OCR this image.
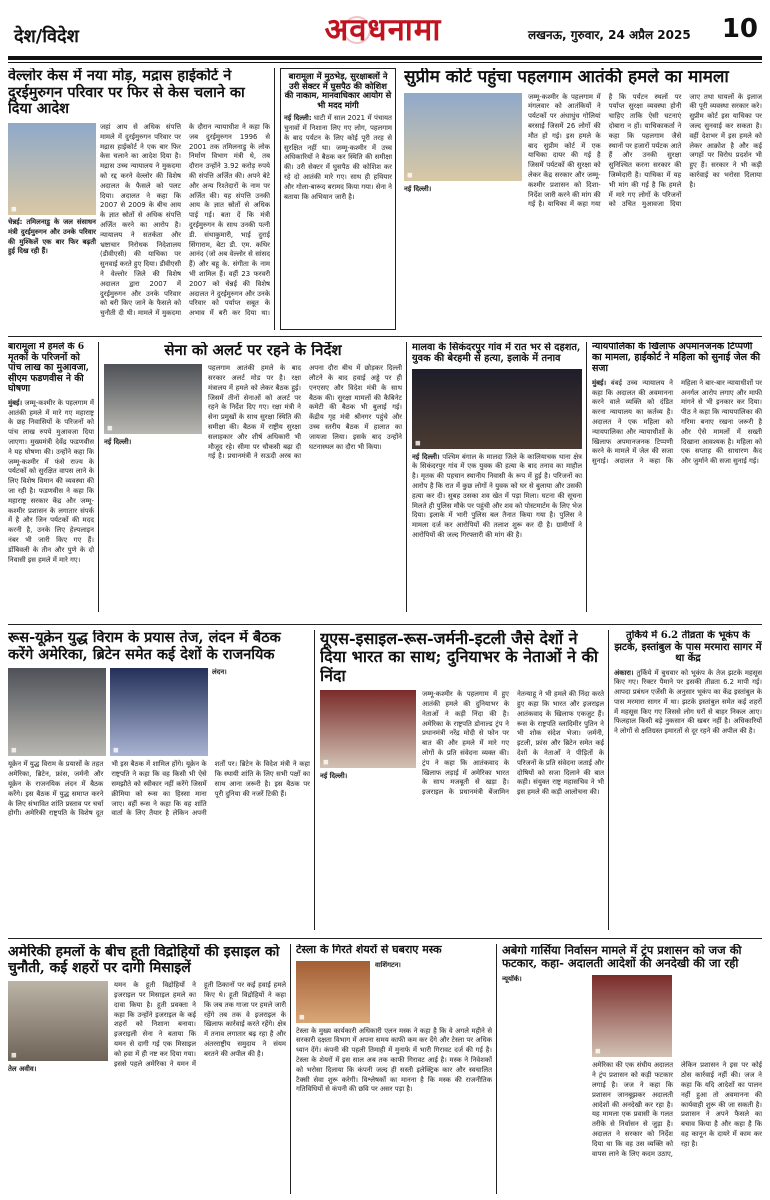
देश/विदेश	अवधनामा	लखनऊ, गुरुवार, 24 अप्रैल 2025 10
वेल्लोर केस में नया मोड़, मद्रास हाईकोर्ट ने दुरईमुरुगन परिवार पर फिर से केस चलाने का दिया आदेश
◼
चेन्नई: तमिलनाडु के जल संसाधन मंत्री दुरईमुरुगन और उनके परिवार की मुश्किलें एक बार फिर बढ़ती हुई दिख रही हैं।
जहां आय से अधिक संपत्ति मामले में दुरईमुरुगन परिवार पर मद्रास हाईकोर्ट ने एक बार फिर केस चलाने का आदेश दिया है। मद्रास उच्च न्यायालय ने मुकदमा को रद्द करने वेल्लोर की विशेष अदालत के फैसले को पलट दिया। अदालत ने कहा कि 2007 से 2009 के बीच आय के ज्ञात स्रोतों से अधिक संपत्ति अर्जित करने का आरोप है। न्यायालय ने सतर्कता और भ्रष्टाचार निरोधक निदेशालय (डीवीएसी) की याचिका पर सुनवाई करते हुए दिया। डीवीएसी ने वेल्लोर जिले की विशेष अदालत द्वारा 2007 में दुरईमुरुगन और उनके परिवार को बरी किए जाने के फैसले को चुनौती दी थी। मामले में मुकदमा के दौरान न्यायाधीश ने कहा कि जब दुरईमुरुगन 1996 से 2001 तक तमिलनाडु के लोक निर्माण विभाग मंत्री थे, तब दौरान उन्होंने 3.92 करोड़ रुपये की संपत्ति अर्जित की। अपने बेटे और अन्य रिश्तेदारों के नाम पर अर्जित की। यह संपत्ति उनकी आय के ज्ञात स्रोतों से अधिक पाई गई। बता दें कि मंत्री दुरईमुरुगन के साथ उनकी पत्नी डी. संथाकुमारी, भाई दुराई सिंगाराम, बेटा डी. एम. कथिर आनंद (जो अब वेल्लोर से सांसद हैं) और बहू के. संगीता के नाम भी शामिल हैं। वहीं 23 फरवरी 2007 को चेन्नई की विशेष अदालत ने दुरईमुरुगन और उनके परिवार को पर्याप्त सबूत के अभाव में बरी कर दिया था।
बारामूला में मुठभेड़, सुरक्षाबलों ने उरी सेक्टर में घुसपैठ की कोशिश की नाकाम, मानवाधिकार आयोग से भी मदद मांगी
नई दिल्ली: घाटी में साल 2021 में पंचायत चुनावों में निशाना लिए गए लोग, पहलगाम के बाद पर्यटन के लिए कोई पूरी तरह से सुरक्षित नहीं था। जम्मू-कश्मीर में उच्च अधिकारियों ने बैठक कर स्थिति की समीक्षा की। उरी सेक्टर में घुसपैठ की कोशिश कर रहे दो आतंकी मारे गए। साथ ही हथियार और गोला-बारूद बरामद किया गया। सेना ने बताया कि अभियान जारी है।
सुप्रीम कोर्ट पहुंचा पहलगाम आतंकी हमले का मामला
◼
नई दिल्ली।
जम्मू-कश्मीर के पहलगाम में मंगलवार को आतंकियों ने पर्यटकों पर अंधाधुंध गोलियां बरसाई जिसमें 26 लोगों की मौत हो गई। इस हमले के बाद सुप्रीम कोर्ट में एक याचिका दायर की गई है जिसमें पर्यटकों की सुरक्षा को लेकर केंद्र सरकार और जम्मू-कश्मीर प्रशासन को दिशा-निर्देश जारी करने की मांग की गई है। याचिका में कहा गया है कि पर्यटन स्थलों पर पर्याप्त सुरक्षा व्यवस्था होनी चाहिए ताकि ऐसी घटनाएं दोबारा न हों। याचिकाकर्ता ने कहा कि पहलगाम जैसे स्थानों पर हजारों पर्यटक आते हैं और उनकी सुरक्षा सुनिश्चित करना सरकार की जिम्मेदारी है। याचिका में यह भी मांग की गई है कि हमले में मारे गए लोगों के परिजनों को उचित मुआवजा दिया जाए तथा घायलों के इलाज की पूरी व्यवस्था सरकार करे। सुप्रीम कोर्ट इस याचिका पर जल्द सुनवाई कर सकता है। वहीं देशभर में इस हमले को लेकर आक्रोश है और कई जगहों पर विरोध प्रदर्शन भी हुए हैं। सरकार ने भी कड़ी कार्रवाई का भरोसा दिलाया है।
बारामूला में हमले के 6 मृतकों के परिजनों को पांच लाख का मुआवजा, सीएम फडणवीस ने की घोषणा
मुंबई। जम्मू-कश्मीर के पहलगाम में आतंकी हमले में मारे गए महाराष्ट्र के छह निवासियों के परिजनों को पांच लाख रुपये मुआवजा दिया जाएगा। मुख्यमंत्री देवेंद्र फडणवीस ने यह घोषणा की। उन्होंने कहा कि जम्मू-कश्मीर में फंसे राज्य के पर्यटकों को सुरक्षित वापस लाने के लिए विशेष विमान की व्यवस्था की जा रही है। फडणवीस ने कहा कि महाराष्ट्र सरकार केंद्र और जम्मू-कश्मीर प्रशासन के लगातार संपर्क में है और जिन पर्यटकों की मदद करनी है, उनके लिए हेल्पलाइन नंबर भी जारी किए गए हैं। डोंबिवली के तीन और पुणे के दो निवासी इस हमले में मारे गए।
सेना को अलर्ट पर रहने के निर्देश
◼
नई दिल्ली।
पहलगाम आतंकी हमले के बाद सरकार अलर्ट मोड पर है। रक्षा मंत्रालय में हमले को लेकर बैठक हुई। जिसमें तीनों सेनाओं को अलर्ट पर रहने के निर्देश दिए गए। रक्षा मंत्री ने सेना प्रमुखों के साथ सुरक्षा स्थिति की समीक्षा की। बैठक में राष्ट्रीय सुरक्षा सलाहकार और शीर्ष अधिकारी भी मौजूद रहे। सीमा पर चौकसी बढ़ा दी गई है। प्रधानमंत्री ने सऊदी अरब का अपना दौरा बीच में छोड़कर दिल्ली लौटने के बाद हवाई अड्डे पर ही एनएसए और विदेश मंत्री के साथ बैठक की। सुरक्षा मामलों की कैबिनेट कमेटी की बैठक भी बुलाई गई। केंद्रीय गृह मंत्री श्रीनगर पहुंचे और उच्च स्तरीय बैठक में हालात का जायजा लिया। इसके बाद उन्होंने घटनास्थल का दौरा भी किया।
मालवा के सिकंदरपुर गांव में रात भर से दहशत, युवक की बेरहमी से हत्या, इलाके में तनाव
◼
नई दिल्ली। पश्चिम बंगाल के मालदा जिले के कालियाचक थाना क्षेत्र के सिकंदरपुर गांव में एक युवक की हत्या के बाद तनाव का माहौल है। मृतक की पहचान स्थानीय निवासी के रूप में हुई है। परिजनों का आरोप है कि रात में कुछ लोगों ने युवक को घर से बुलाया और उसकी हत्या कर दी। सुबह उसका शव खेत में पड़ा मिला। घटना की सूचना मिलते ही पुलिस मौके पर पहुंची और शव को पोस्टमार्टम के लिए भेज दिया। इलाके में भारी पुलिस बल तैनात किया गया है। पुलिस ने मामला दर्ज कर आरोपियों की तलाश शुरू कर दी है। ग्रामीणों ने आरोपियों की जल्द गिरफ्तारी की मांग की है।
न्यायपालिका के खिलाफ अपमानजनक टिप्पणी का मामला, हाईकोर्ट ने महिला को सुनाई जेल की सजा
मुंबई। बंबई उच्च न्यायालय ने कहा कि अदालत की अवमानना करने वाले व्यक्ति को दंडित करना न्यायालय का कर्तव्य है। अदालत ने एक महिला को न्यायपालिका और न्यायाधीशों के खिलाफ अपमानजनक टिप्पणी करने के मामले में जेल की सजा सुनाई। अदालत ने कहा कि महिला ने बार-बार न्यायाधीशों पर अनर्गल आरोप लगाए और माफी मांगने से भी इनकार कर दिया। पीठ ने कहा कि न्यायपालिका की गरिमा बनाए रखना जरूरी है और ऐसे मामलों में सख्ती दिखाना आवश्यक है। महिला को एक सप्ताह की साधारण कैद और जुर्माने की सजा सुनाई गई।
रूस-यूक्रेन युद्ध विराम के प्रयास तेज, लंदन में बैठक करेंगे अमेरिका, ब्रिटेन समेत कई देशों के राजनयिक
◼	◼
लंदन।
यूक्रेन में युद्ध विराम के प्रयासों के तहत अमेरिका, ब्रिटेन, फ्रांस, जर्मनी और यूक्रेन के राजनयिक लंदन में बैठक करेंगे। इस बैठक में युद्ध समाप्त करने के लिए संभावित शांति प्रस्ताव पर चर्चा होगी। अमेरिकी राष्ट्रपति के विशेष दूत भी इस बैठक में शामिल होंगे। यूक्रेन के राष्ट्रपति ने कहा कि वह किसी भी ऐसे समझौते को स्वीकार नहीं करेंगे जिसमें क्रीमिया को रूस का हिस्सा माना जाए। वहीं रूस ने कहा कि वह शांति वार्ता के लिए तैयार है लेकिन अपनी शर्तों पर। ब्रिटेन के विदेश मंत्री ने कहा कि स्थायी शांति के लिए सभी पक्षों का साथ आना जरूरी है। इस बैठक पर पूरी दुनिया की नजरें टिकी हैं।
यूएस-इसाइल-रूस-जर्मनी-इटली जैसे देशों ने दिया भारत का साथ; दुनियाभर के नेताओं ने की निंदा
◼
नई दिल्ली।
जम्मू-कश्मीर के पहलगाम में हुए आतंकी हमले की दुनियाभर के नेताओं ने कड़ी निंदा की है। अमेरिका के राष्ट्रपति डोनाल्ड ट्रंप ने प्रधानमंत्री नरेंद्र मोदी से फोन पर बात की और हमले में मारे गए लोगों के प्रति संवेदना व्यक्त की। ट्रंप ने कहा कि आतंकवाद के खिलाफ लड़ाई में अमेरिका भारत के साथ मजबूती से खड़ा है। इजराइल के प्रधानमंत्री बेंजामिन नेतन्याहू ने भी हमले की निंदा करते हुए कहा कि भारत और इजराइल आतंकवाद के खिलाफ एकजुट हैं। रूस के राष्ट्रपति व्लादिमीर पुतिन ने भी शोक संदेश भेजा। जर्मनी, इटली, फ्रांस और ब्रिटेन समेत कई देशों के नेताओं ने पीड़ितों के परिजनों के प्रति संवेदना जताई और दोषियों को सजा दिलाने की बात कही। संयुक्त राष्ट्र महासचिव ने भी इस हमले की कड़ी आलोचना की।
तुर्किये में 6.2 तीव्रता के भूकंप के झटके, इस्तांबुल के पास मरमारा सागर में था केंद्र
अंकारा। तुर्किये में बुधवार को भूकंप के तेज झटके महसूस किए गए। रिक्टर पैमाने पर इसकी तीव्रता 6.2 मापी गई। आपदा प्रबंधन एजेंसी के अनुसार भूकंप का केंद्र इस्तांबुल के पास मरमारा सागर में था। झटके इस्तांबुल समेत कई शहरों में महसूस किए गए जिससे लोग घरों से बाहर निकल आए। फिलहाल किसी बड़े नुकसान की खबर नहीं है। अधिकारियों ने लोगों से क्षतिग्रस्त इमारतों से दूर रहने की अपील की है।
अमेरिकी हमलों के बीच हूती विद्रोहियों की इसाइल को चुनौती, कई शहरों पर दागी मिसाइलें
◼
तेल अवीव।
यमन के हूती विद्रोहियों ने इजराइल पर मिसाइल हमले का दावा किया है। हूती प्रवक्ता ने कहा कि उन्होंने इजराइल के कई शहरों को निशाना बनाया। इजराइली सेना ने बताया कि यमन से दागी गई एक मिसाइल को हवा में ही नष्ट कर दिया गया। इससे पहले अमेरिका ने यमन में हूती ठिकानों पर कई हवाई हमले किए थे। हूती विद्रोहियों ने कहा कि जब तक गाजा पर हमले जारी रहेंगे तब तक वे इजराइल के खिलाफ कार्रवाई करते रहेंगे। क्षेत्र में तनाव लगातार बढ़ रहा है और अंतरराष्ट्रीय समुदाय ने संयम बरतने की अपील की है।
टेस्ला के गिरते शेयरों से घबराए मस्क
◼
वाशिंगटन।
टेस्ला के मुख्य कार्यकारी अधिकारी एलन मस्क ने कहा है कि वे अगले महीने से सरकारी दक्षता विभाग में अपना समय काफी कम कर देंगे और टेस्ला पर अधिक ध्यान देंगे। कंपनी की पहली तिमाही में मुनाफे में भारी गिरावट दर्ज की गई है। टेस्ला के शेयरों में इस साल अब तक काफी गिरावट आई है। मस्क ने निवेशकों को भरोसा दिलाया कि कंपनी जल्द ही सस्ती इलेक्ट्रिक कार और स्वचालित टैक्सी सेवा शुरू करेगी। विश्लेषकों का मानना है कि मस्क की राजनीतिक गतिविधियों से कंपनी की छवि पर असर पड़ा है।
अबेगो गार्सिया निर्वासन मामले में ट्रंप प्रशासन को जज की फटकार, कहा- अदालती आदेशों की अनदेखी की जा रही
न्यूयॉर्क।
◼
अमेरिका की एक संघीय अदालत ने ट्रंप प्रशासन को कड़ी फटकार लगाई है। जज ने कहा कि प्रशासन जानबूझकर अदालती आदेशों की अनदेखी कर रहा है। यह मामला एक प्रवासी के गलत तरीके से निर्वासन से जुड़ा है। अदालत ने सरकार को निर्देश दिया था कि वह उस व्यक्ति को वापस लाने के लिए कदम उठाए, लेकिन प्रशासन ने इस पर कोई ठोस कार्रवाई नहीं की। जज ने कहा कि यदि आदेशों का पालन नहीं हुआ तो अवमानना की कार्यवाही शुरू की जा सकती है। प्रशासन ने अपने फैसले का बचाव किया है और कहा है कि वह कानून के दायरे में काम कर रहा है।
